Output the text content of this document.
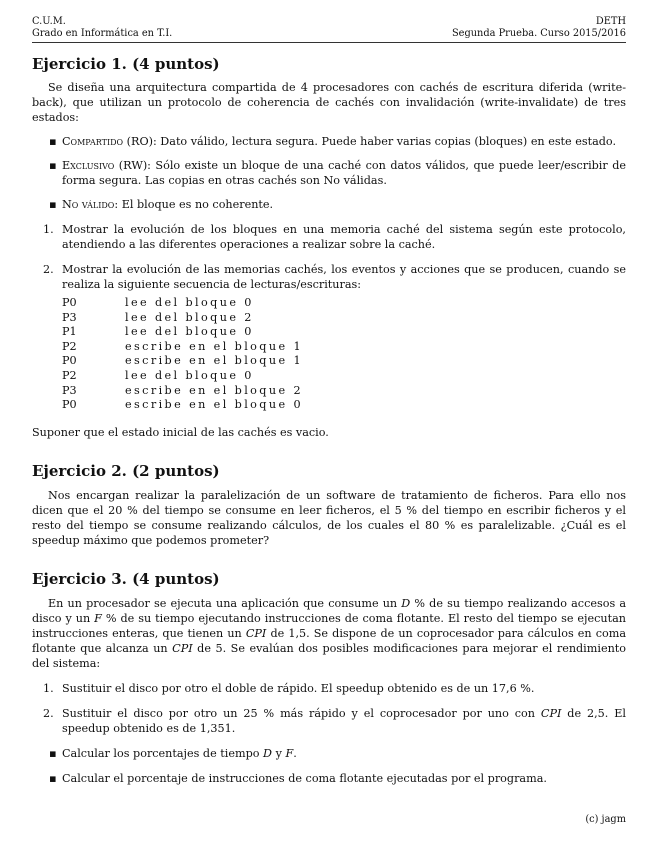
C.U.M.
Grado en Informática en T.I.
DETH
Segunda Prueba. Curso 2015/2016
Ejercicio 1. (4 puntos)

Se diseña una arquitectura compartida de 4 procesadores con cachés de escritura diferida (write-back), que utilizan un protocolo de coherencia de cachés con invalidación (write-invalidate) de tres estados:

▪ Compartido (RO): Dato válido, lectura segura. Puede haber varias copias (bloques) en este estado.
▪ Exclusivo (RW): Sólo existe un bloque de una caché con datos válidos, que puede leer/escribir de forma segura. Las copias en otras cachés son No válidas.
▪ No válido: El bloque es no coherente.
1. Mostrar la evolución de los bloques en una memoria caché del sistema según este protocolo, atendiendo a las diferentes operaciones a realizar sobre la caché.
2. Mostrar la evolución de las memorias cachés, los eventos y acciones que se producen, cuando se realiza la siguiente secuencia de lecturas/escrituras:
P0	lee del bloque 0
P3	lee del bloque 2
P1	lee del bloque 0
P2	escribe en el bloque 1
P0	escribe en el bloque 1
P2	lee del bloque 0
P3	escribe en el bloque 2
P0	escribe en el bloque 0

Suponer que el estado inicial de las cachés es vacio.

Ejercicio 2. (2 puntos)

Nos encargan realizar la paralelización de un software de tratamiento de ficheros. Para ello nos dicen que el 20 % del tiempo se consume en leer ficheros, el 5 % del tiempo en escribir ficheros y el resto del tiempo se consume realizando cálculos, de los cuales el 80 % es paralelizable. ¿Cuál es el speedup máximo que podemos prometer?

Ejercicio 3. (4 puntos)

En un procesador se ejecuta una aplicación que consume un D % de su tiempo realizando accesos a disco y un F % de su tiempo ejecutando instrucciones de coma flotante. El resto del tiempo se ejecutan instrucciones enteras, que tienen un CPI de 1,5. Se dispone de un coprocesador para cálculos en coma flotante que alcanza un CPI de 5. Se evalúan dos posibles modificaciones para mejorar el rendimiento del sistema:

1. Sustituir el disco por otro el doble de rápido. El speedup obtenido es de un 17,6 %.
2. Sustituir el disco por otro un 25 % más rápido y el coprocesador por uno con CPI de 2,5. El speedup obtenido es de 1,351.
▪ Calcular los porcentajes de tiempo D y F.
▪ Calcular el porcentaje de instrucciones de coma flotante ejecutadas por el programa.
(c) jagm
